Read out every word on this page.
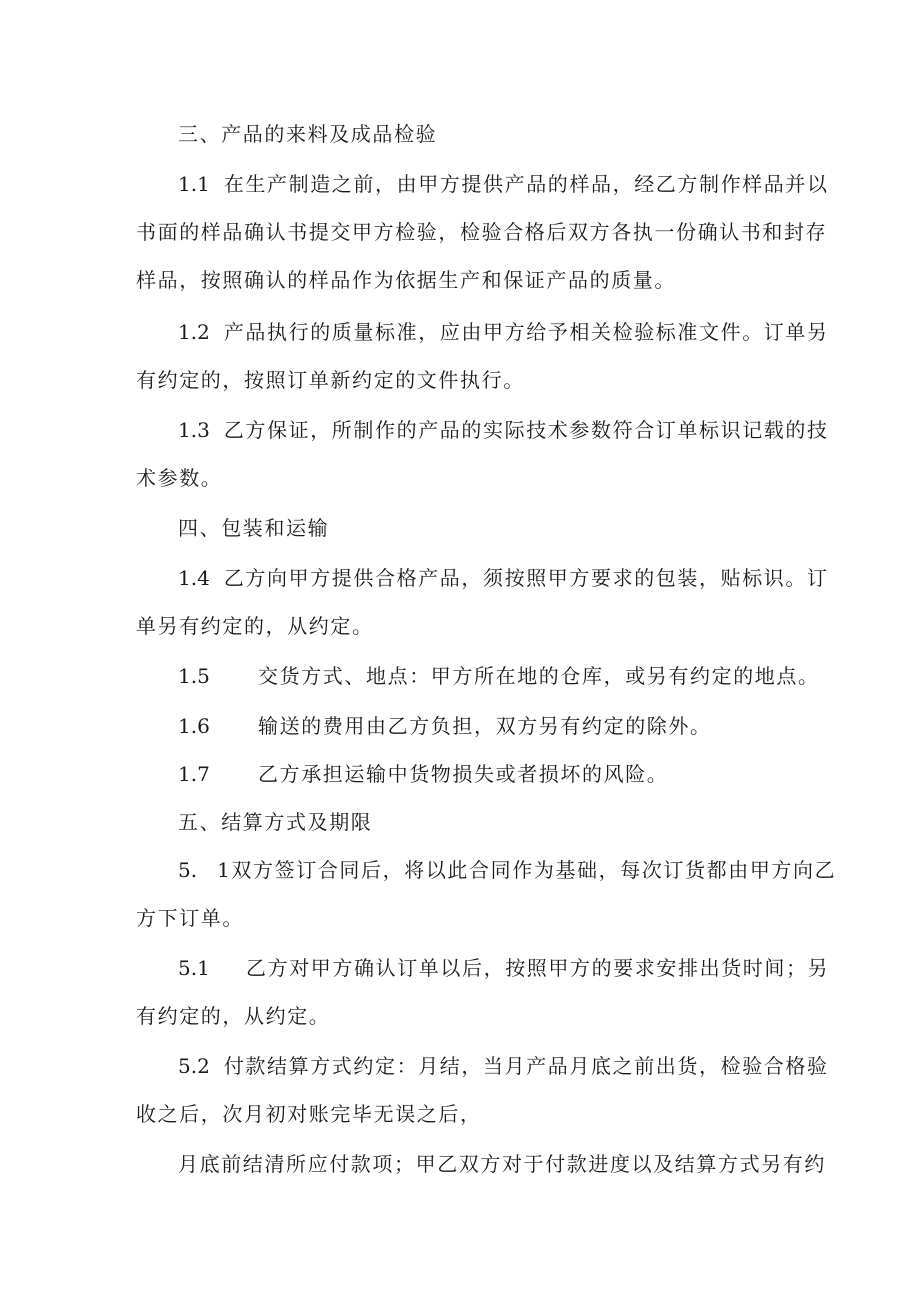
三、产品的来料及成品检验
1.1 在生产制造之前，由甲方提供产品的样品，经乙方制作样品并以
书面的样品确认书提交甲方检验，检验合格后双方各执一份确认书和封存
样品，按照确认的样品作为依据生产和保证产品的质量。
1.2 产品执行的质量标准，应由甲方给予相关检验标准文件。订单另
有约定的，按照订单新约定的文件执行。
1.3 乙方保证，所制作的产品的实际技术参数符合订单标识记载的技
术参数。
四、包装和运输
1.4 乙方向甲方提供合格产品，须按照甲方要求的包装，贴标识。订
单另有约定的，从约定。
1.5 交货方式、地点：甲方所在地的仓库，或另有约定的地点。
1.6 输送的费用由乙方负担，双方另有约定的除外。
1.7 乙方承担运输中货物损失或者损坏的风险。
五、结算方式及期限
5. 1双方签订合同后，将以此合同作为基础，每次订货都由甲方向乙
方下订单。
5.1 乙方对甲方确认订单以后，按照甲方的要求安排出货时间；另
有约定的，从约定。
5.2 付款结算方式约定：月结，当月产品月底之前出货，检验合格验
收之后，次月初对账完毕无误之后，
月底前结清所应付款项；甲乙双方对于付款进度以及结算方式另有约
